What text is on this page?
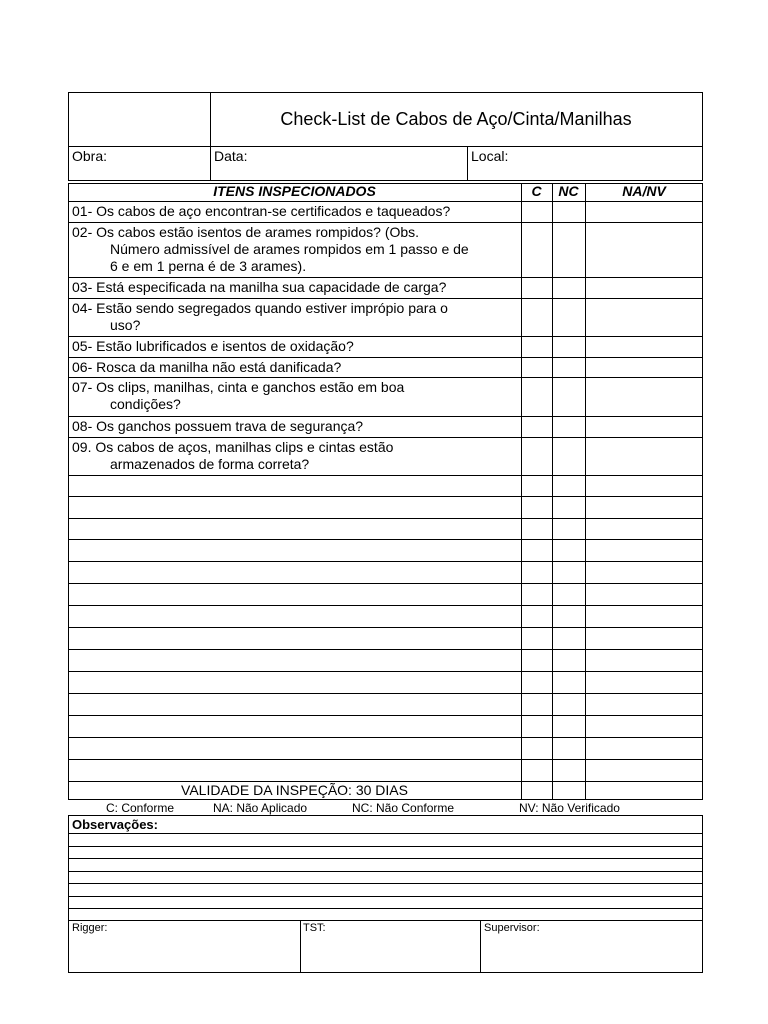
Check-List de Cabos de Aço/Cinta/Manilhas
Obra:	Data:	Local:
ITENS INSPECIONADOS	C	NC	NA/NV
01- Os cabos de aço encontran-se certificados e taqueados?
02- Os cabos estão isentos de arames rompidos? (Obs.
Número admissível de arames rompidos em 1 passo e de
6 e em 1 perna é de 3 arames).
03- Está especificada na manilha sua capacidade de carga?
04- Estão sendo segregados quando estiver imprópio para o
uso?
05- Estão lubrificados e isentos de oxidação?
06- Rosca da manilha não está danificada?
07- Os clips, manilhas, cinta e ganchos estão em boa
condições?
08- Os ganchos possuem trava de segurança?
09. Os cabos de aços, manilhas clips e cintas estão
armazenados de forma correta?
VALIDADE DA INSPEÇÃO: 30 DIAS
C: Conforme	NA: Não Aplicado	NC: Não Conforme	NV: Não Verificado
Observações:
Rigger:	TST:	Supervisor:
